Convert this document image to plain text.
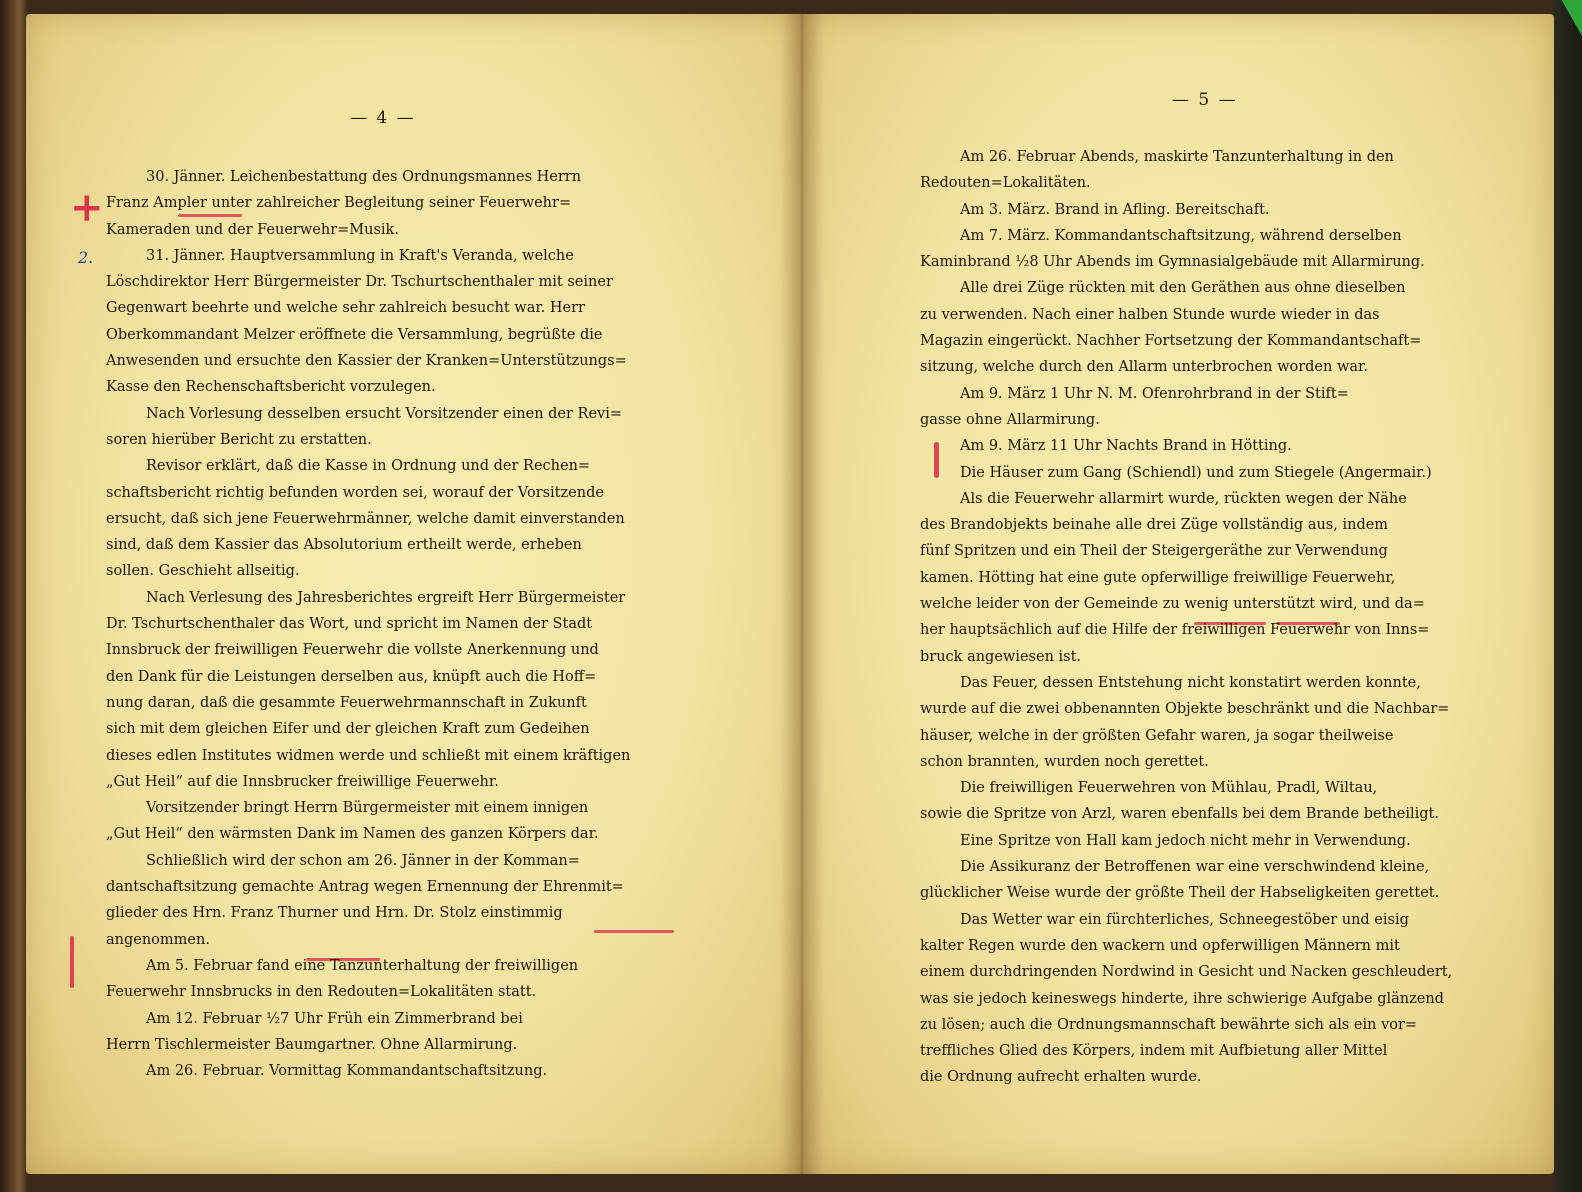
— 4 —
+
2.

30. Jänner. Leichenbestattung des Ordnungsmannes Herrn
Franz Ampler unter zahlreicher Begleitung seiner Feuerwehr=
Kameraden und der Feuerwehr=Musik.

31. Jänner. Hauptversammlung in Kraft's Veranda, welche
Löschdirektor Herr Bürgermeister Dr. Tschurtschenthaler mit seiner
Gegenwart beehrte und welche sehr zahlreich besucht war. Herr
Oberkommandant Melzer eröffnete die Versammlung, begrüßte die
Anwesenden und ersuchte den Kassier der Kranken=Unterstützungs=
Kasse den Rechenschaftsbericht vorzulegen.

Nach Vorlesung desselben ersucht Vorsitzender einen der Revi=
soren hierüber Bericht zu erstatten.

Revisor erklärt, daß die Kasse in Ordnung und der Rechen=
schaftsbericht richtig befunden worden sei, worauf der Vorsitzende
ersucht, daß sich jene Feuerwehrmänner, welche damit einverstanden
sind, daß dem Kassier das Absolutorium ertheilt werde, erheben
sollen. Geschieht allseitig.

Nach Verlesung des Jahresberichtes ergreift Herr Bürgermeister
Dr. Tschurtschenthaler das Wort, und spricht im Namen der Stadt
Innsbruck der freiwilligen Feuerwehr die vollste Anerkennung und
den Dank für die Leistungen derselben aus, knüpft auch die Hoff=
nung daran, daß die gesammte Feuerwehrmannschaft in Zukunft
sich mit dem gleichen Eifer und der gleichen Kraft zum Gedeihen
dieses edlen Institutes widmen werde und schließt mit einem kräftigen
„Gut Heil“ auf die Innsbrucker freiwillige Feuerwehr.

Vorsitzender bringt Herrn Bürgermeister mit einem innigen
„Gut Heil“ den wärmsten Dank im Namen des ganzen Körpers dar.

Schließlich wird der schon am 26. Jänner in der Komman=
dantschaftsitzung gemachte Antrag wegen Ernennung der Ehrenmit=
glieder des Hrn. Franz Thurner und Hrn. Dr. Stolz einstimmig
angenommen.

Am 5. Februar fand eine Tanzunterhaltung der freiwilligen
Feuerwehr Innsbrucks in den Redouten=Lokalitäten statt.

Am 12. Februar ½7 Uhr Früh ein Zimmerbrand bei
Herrn Tischlermeister Baumgartner. Ohne Allarmirung.

Am 26. Februar. Vormittag Kommandantschaftsitzung.

— 5 —

Am 26. Februar Abends, maskirte Tanzunterhaltung in den
Redouten=Lokalitäten.

Am 3. März. Brand in Afling. Bereitschaft.

Am 7. März. Kommandantschaftsitzung, während derselben
Kaminbrand ½8 Uhr Abends im Gymnasialgebäude mit Allarmirung.

Alle drei Züge rückten mit den Geräthen aus ohne dieselben
zu verwenden. Nach einer halben Stunde wurde wieder in das
Magazin eingerückt. Nachher Fortsetzung der Kommandantschaft=
sitzung, welche durch den Allarm unterbrochen worden war.

Am 9. März 1 Uhr N. M. Ofenrohrbrand in der Stift=
gasse ohne Allarmirung.

Am 9. März 11 Uhr Nachts Brand in Hötting.

Die Häuser zum Gang (Schiendl) und zum Stiegele (Angermair.)

Als die Feuerwehr allarmirt wurde, rückten wegen der Nähe
des Brandobjekts beinahe alle drei Züge vollständig aus, indem
fünf Spritzen und ein Theil der Steigergeräthe zur Verwendung
kamen. Hötting hat eine gute opferwillige freiwillige Feuerwehr,
welche leider von der Gemeinde zu wenig unterstützt wird, und da=
her hauptsächlich auf die Hilfe der freiwilligen Feuerwehr von Inns=
bruck angewiesen ist.

Das Feuer, dessen Entstehung nicht konstatirt werden konnte,
wurde auf die zwei obbenannten Objekte beschränkt und die Nachbar=
häuser, welche in der größten Gefahr waren, ja sogar theilweise
schon brannten, wurden noch gerettet.

Die freiwilligen Feuerwehren von Mühlau, Pradl, Wiltau,
sowie die Spritze von Arzl, waren ebenfalls bei dem Brande betheiligt.

Eine Spritze von Hall kam jedoch nicht mehr in Verwendung.

Die Assikuranz der Betroffenen war eine verschwindend kleine,
glücklicher Weise wurde der größte Theil der Habseligkeiten gerettet.

Das Wetter war ein fürchterliches, Schneegestöber und eisig
kalter Regen wurde den wackern und opferwilligen Männern mit
einem durchdringenden Nordwind in Gesicht und Nacken geschleudert,
was sie jedoch keineswegs hinderte, ihre schwierige Aufgabe glänzend
zu lösen; auch die Ordnungsmannschaft bewährte sich als ein vor=
treffliches Glied des Körpers, indem mit Aufbietung aller Mittel
die Ordnung aufrecht erhalten wurde.
